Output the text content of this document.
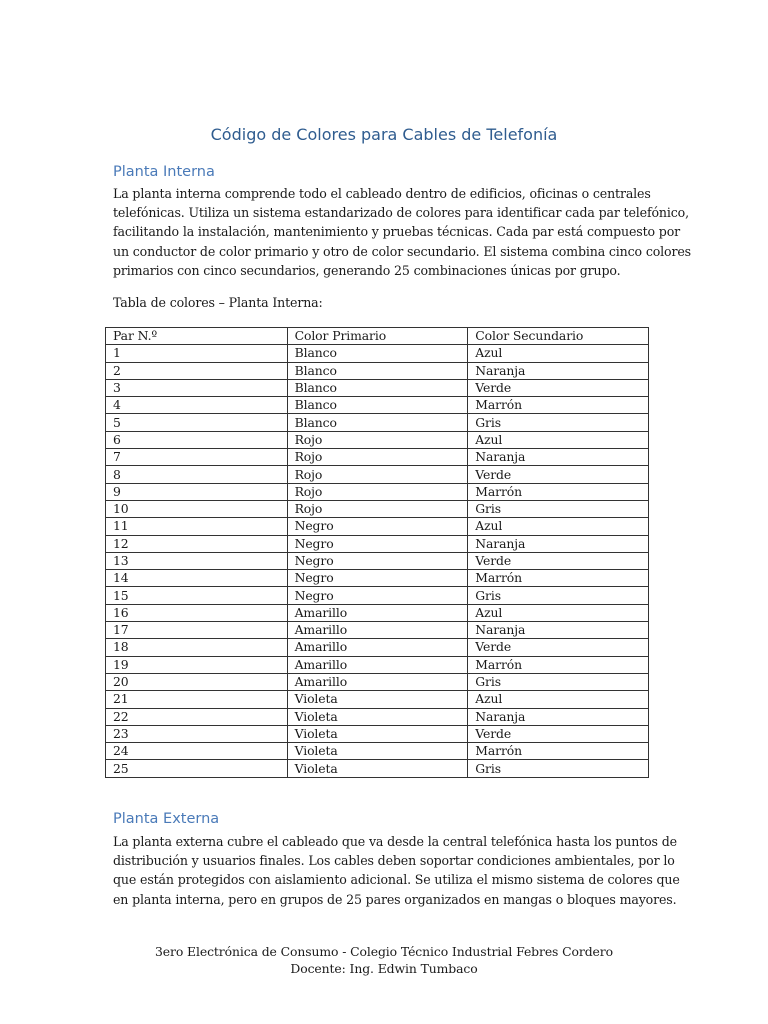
Código de Colores para Cables de Telefonía
Planta Interna

La planta interna comprende todo el cableado dentro de edificios, oficinas o centrales
telefónicas. Utiliza un sistema estandarizado de colores para identificar cada par telefónico,
facilitando la instalación, mantenimiento y pruebas técnicas. Cada par está compuesto por
un conductor de color primario y otro de color secundario. El sistema combina cinco colores
primarios con cinco secundarios, generando 25 combinaciones únicas por grupo.

Tabla de colores – Planta Interna:

Par N.º	Color Primario	Color Secundario
1	Blanco	Azul
2	Blanco	Naranja
3	Blanco	Verde
4	Blanco	Marrón
5	Blanco	Gris
6	Rojo	Azul
7	Rojo	Naranja
8	Rojo	Verde
9	Rojo	Marrón
10	Rojo	Gris
11	Negro	Azul
12	Negro	Naranja
13	Negro	Verde
14	Negro	Marrón
15	Negro	Gris
16	Amarillo	Azul
17	Amarillo	Naranja
18	Amarillo	Verde
19	Amarillo	Marrón
20	Amarillo	Gris
21	Violeta	Azul
22	Violeta	Naranja
23	Violeta	Verde
24	Violeta	Marrón
25	Violeta	Gris
Planta Externa

La planta externa cubre el cableado que va desde la central telefónica hasta los puntos de
distribución y usuarios finales. Los cables deben soportar condiciones ambientales, por lo
que están protegidos con aislamiento adicional. Se utiliza el mismo sistema de colores que
en planta interna, pero en grupos de 25 pares organizados en mangas o bloques mayores.

3ero Electrónica de Consumo - Colegio Técnico Industrial Febres Cordero
Docente: Ing. Edwin Tumbaco
